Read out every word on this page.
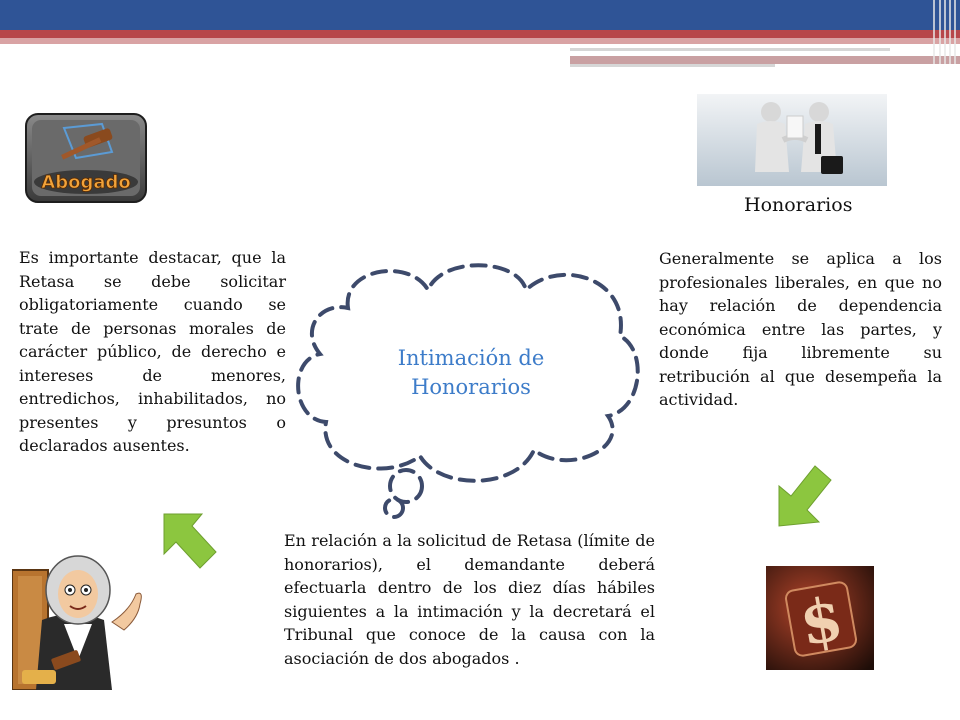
Abogado
Honorarios

Es importante destacar, que la Retasa se debe solicitar obligatoriamente cuando se trate de personas morales de carácter público, de derecho e intereses de menores, entredichos, inhabilitados, no presentes y presuntos o declarados ausentes.

Generalmente se aplica a los profesionales liberales, en que no hay relación de dependencia económica entre las partes, y donde fija libremente su retribución al que desempeña la actividad.

Intimación de
Honorarios

En relación a la solicitud de Retasa (límite de honorarios), el demandante deberá efectuarla dentro de los diez días hábiles siguientes a la intimación y la decretará el Tribunal que conoce de la causa con la asociación de dos abogados .	$
